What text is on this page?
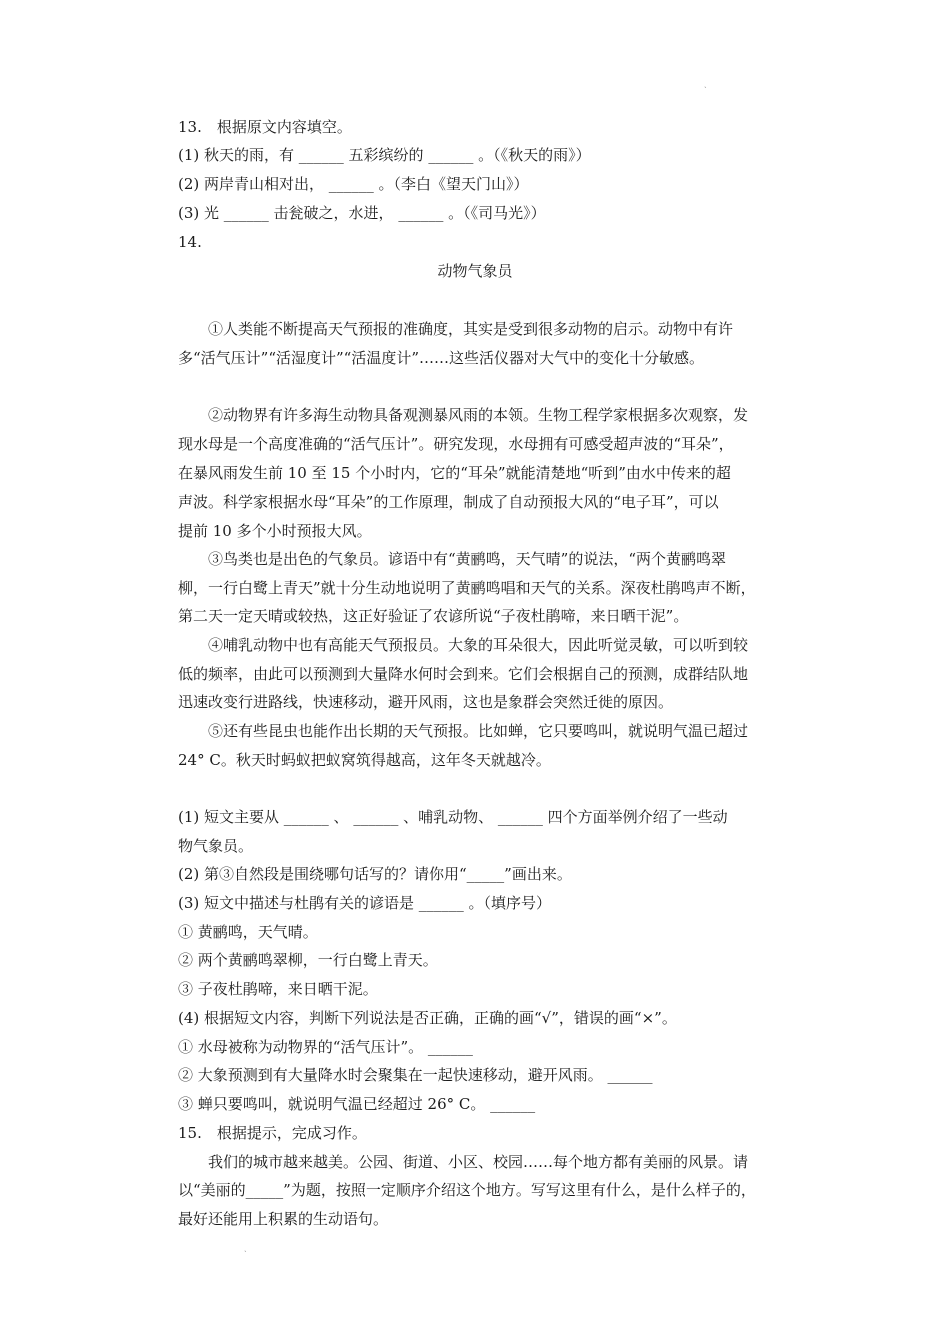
˴
13.　根据原文内容填空。
(1) 秋天的雨，有 ______ 五彩缤纷的 ______ 。（《秋天的雨》）
(2) 两岸青山相对出， ______ 。（李白《望天门山》）
(3) 光 ______ 击瓮破之，水进， ______ 。（《司马光》）
14.
动物气象员
　　①人类能不断提高天气预报的准确度，其实是受到很多动物的启示。动物中有许
多“活气压计”“活湿度计”“活温度计”……这些活仪器对大气中的变化十分敏感。
　　②动物界有许多海生动物具备观测暴风雨的本领。生物工程学家根据多次观察，发
现水母是一个高度准确的“活气压计”。研究发现，水母拥有可感受超声波的“耳朵”，
在暴风雨发生前 10 至 15 个小时内，它的“耳朵”就能清楚地“听到”由水中传来的超
声波。科学家根据水母“耳朵”的工作原理，制成了自动预报大风的“电子耳”，可以
提前 10 多个小时预报大风。
　　③鸟类也是出色的气象员。谚语中有“黄鹂鸣，天气晴”的说法，“两个黄鹂鸣翠
柳，一行白鹭上青天”就十分生动地说明了黄鹂鸣唱和天气的关系。深夜杜鹃鸣声不断，
第二天一定天晴或较热，这正好验证了农谚所说“子夜杜鹃啼，来日晒干泥”。
　　④哺乳动物中也有高能天气预报员。大象的耳朵很大，因此听觉灵敏，可以听到较
低的频率，由此可以预测到大量降水何时会到来。它们会根据自己的预测，成群结队地
迅速改变行进路线，快速移动，避开风雨，这也是象群会突然迁徙的原因。
　　⑤还有些昆虫也能作出长期的天气预报。比如蝉，它只要鸣叫，就说明气温已超过
24° C。秋天时蚂蚁把蚁窝筑得越高，这年冬天就越冷。
(1) 短文主要从 ______ 、 ______ 、哺乳动物、 ______ 四个方面举例介绍了一些动
物气象员。
(2) 第③自然段是围绕哪句话写的？请你用“_____”画出来。
(3) 短文中描述与杜鹃有关的谚语是 ______ 。（填序号）
① 黄鹂鸣，天气晴。
② 两个黄鹂鸣翠柳，一行白鹭上青天。
③ 子夜杜鹃啼，来日晒干泥。
(4) 根据短文内容，判断下列说法是否正确，正确的画“√”，错误的画“×”。
① 水母被称为动物界的“活气压计”。 ______
② 大象预测到有大量降水时会聚集在一起快速移动，避开风雨。 ______
③ 蝉只要鸣叫，就说明气温已经超过 26° C。 ______
15.　根据提示，完成习作。
　　我们的城市越来越美。公园、街道、小区、校园……每个地方都有美丽的风景。请
以“美丽的_____”为题，按照一定顺序介绍这个地方。写写这里有什么，是什么样子的，
最好还能用上积累的生动语句。
˴
